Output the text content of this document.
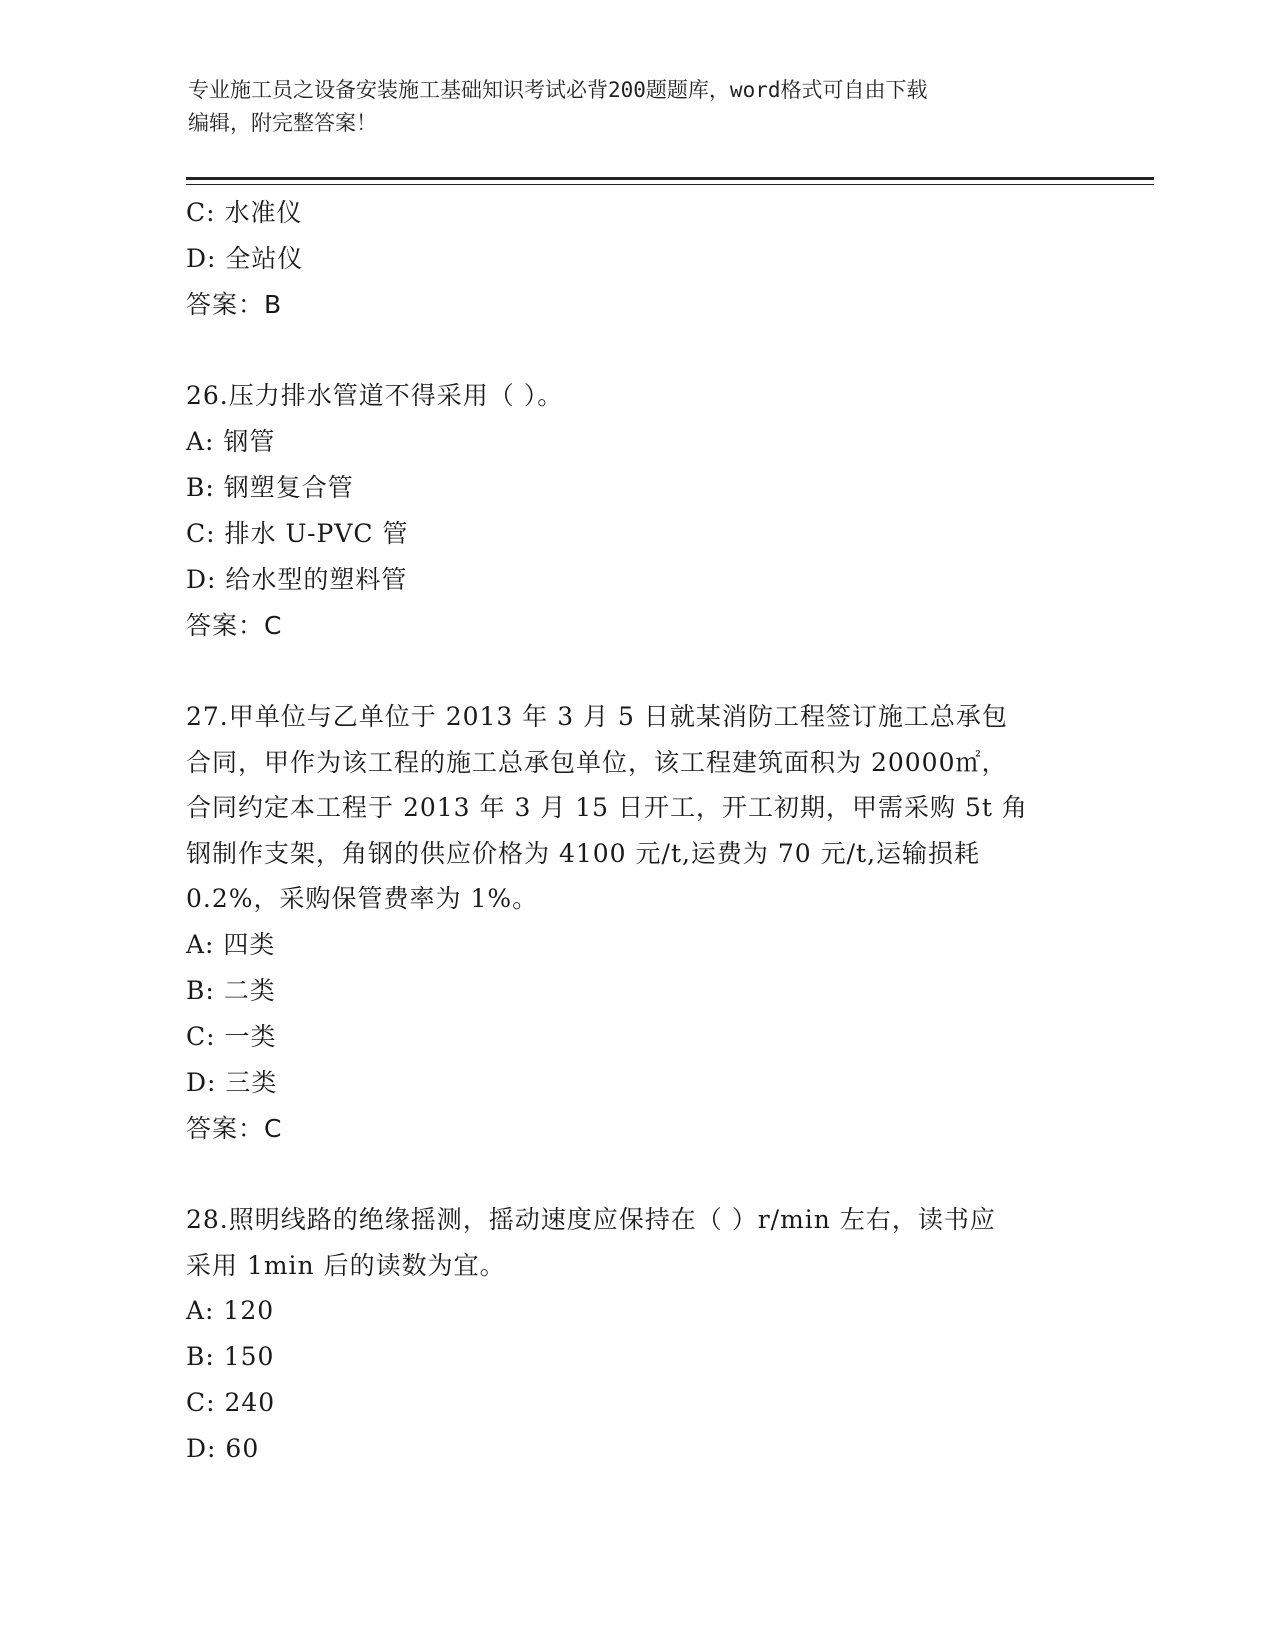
专业施工员之设备安装施工基础知识考试必背200题题库，word格式可自由下载
编辑，附完整答案！
C: 水准仪
D: 全站仪
答案：B
26.压力排水管道不得采用（ ）。
A: 钢管
B: 钢塑复合管
C: 排水 U-PVC 管
D: 给水型的塑料管
答案：C
27.甲单位与乙单位于 2013 年 3 月 5 日就某消防工程签订施工总承包
合同，甲作为该工程的施工总承包单位，该工程建筑面积为 20000㎡，
合同约定本工程于 2013 年 3 月 15 日开工，开工初期，甲需采购 5t 角
钢制作支架，角钢的供应价格为 4100 元/t,运费为 70 元/t,运输损耗
0.2%，采购保管费率为 1%。
A: 四类
B: 二类
C: 一类
D: 三类
答案：C
28.照明线路的绝缘摇测，摇动速度应保持在（ ）r/min 左右，读书应
采用 1min 后的读数为宜。
A: 120
B: 150
C: 240
D: 60
